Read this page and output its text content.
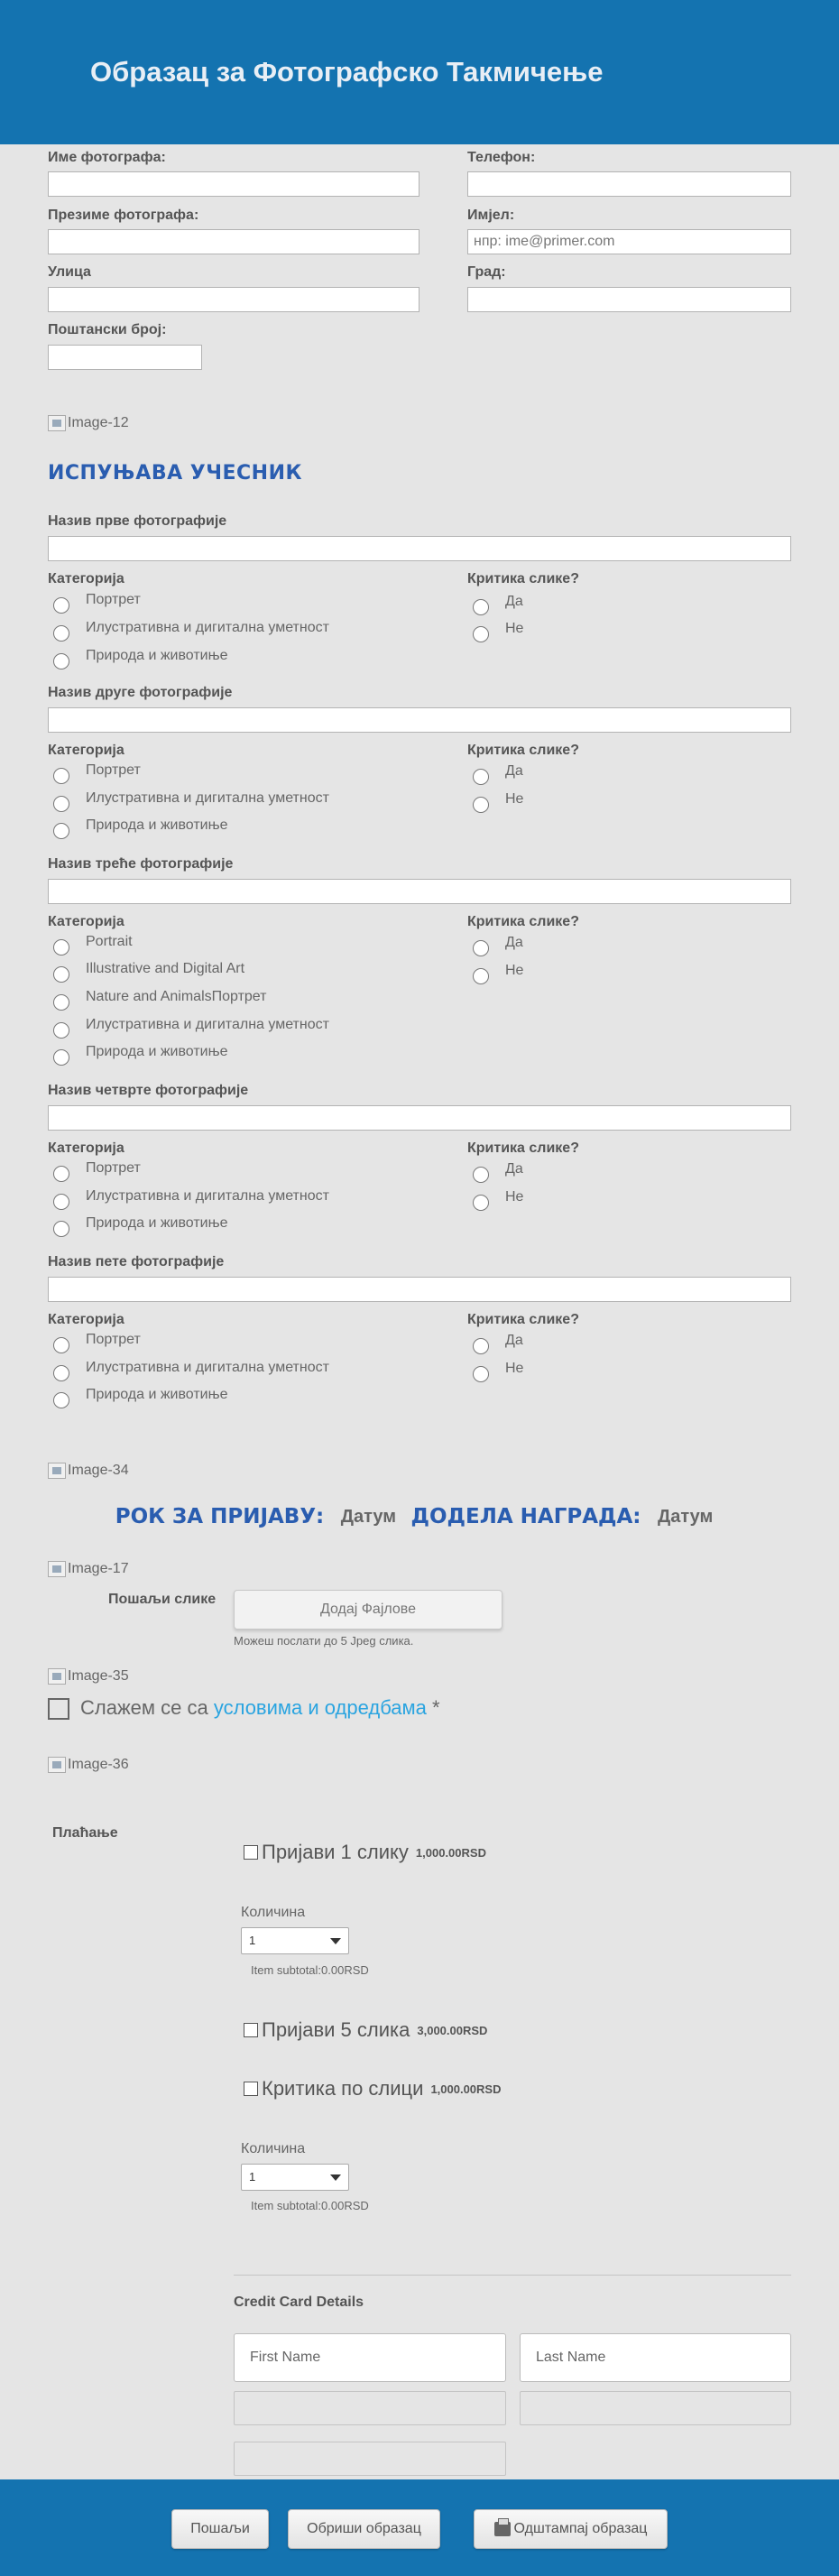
Образац за Фотографско Такмичење
Име фотографа:	Телефон:
Презиме фотографа:	Имјел:
нпр: ime@primer.com
Улица	Град:
Поштански број:
Image-12
ИСПУЊАВА УЧЕСНИК
Назив прве фотографије
Категорија	Критика слике?
Портрет
Илустративна и дигитална уметност
Природа и животиње
Да
Не
Назив друге фотографије
Категорија	Критика слике?
Портрет
Илустративна и дигитална уметност
Природа и животиње
Да
Не
Назив треће фотографије
Категорија	Критика слике?
Portrait
Illustrative and Digital Art
Nature and AnimalsПортрет
Илустративна и дигитална уметност
Природа и животиње
Да
Не
Назив четврте фотографије
Категорија	Критика слике?
Портрет
Илустративна и дигитална уметност
Природа и животиње
Да
Не
Назив пете фотографије
Категорија	Критика слике?
Портрет
Илустративна и дигитална уметност
Природа и животиње
Да
Не
Image-34
РОК ЗА ПРИЈАВУ: Датум ДОДЕЛА НАГРАДА: Датум
Image-17
Пошаљи слике
Додај Фајлове
Можеш послати до 5 Jpeg слика.
Image-35
Слажем се са условима и одредбама *
Image-36
Плаћање
Пријави 1 слику 1,000.00RSD
Количина
1
Item subtotal:0.00RSD
Пријави 5 слика 3,000.00RSD
Критика по слици 1,000.00RSD
Количина
1
Item subtotal:0.00RSD
Credit Card Details
First Name	Last Name
Пошаљи	Обриши образац	Одштампај образац
